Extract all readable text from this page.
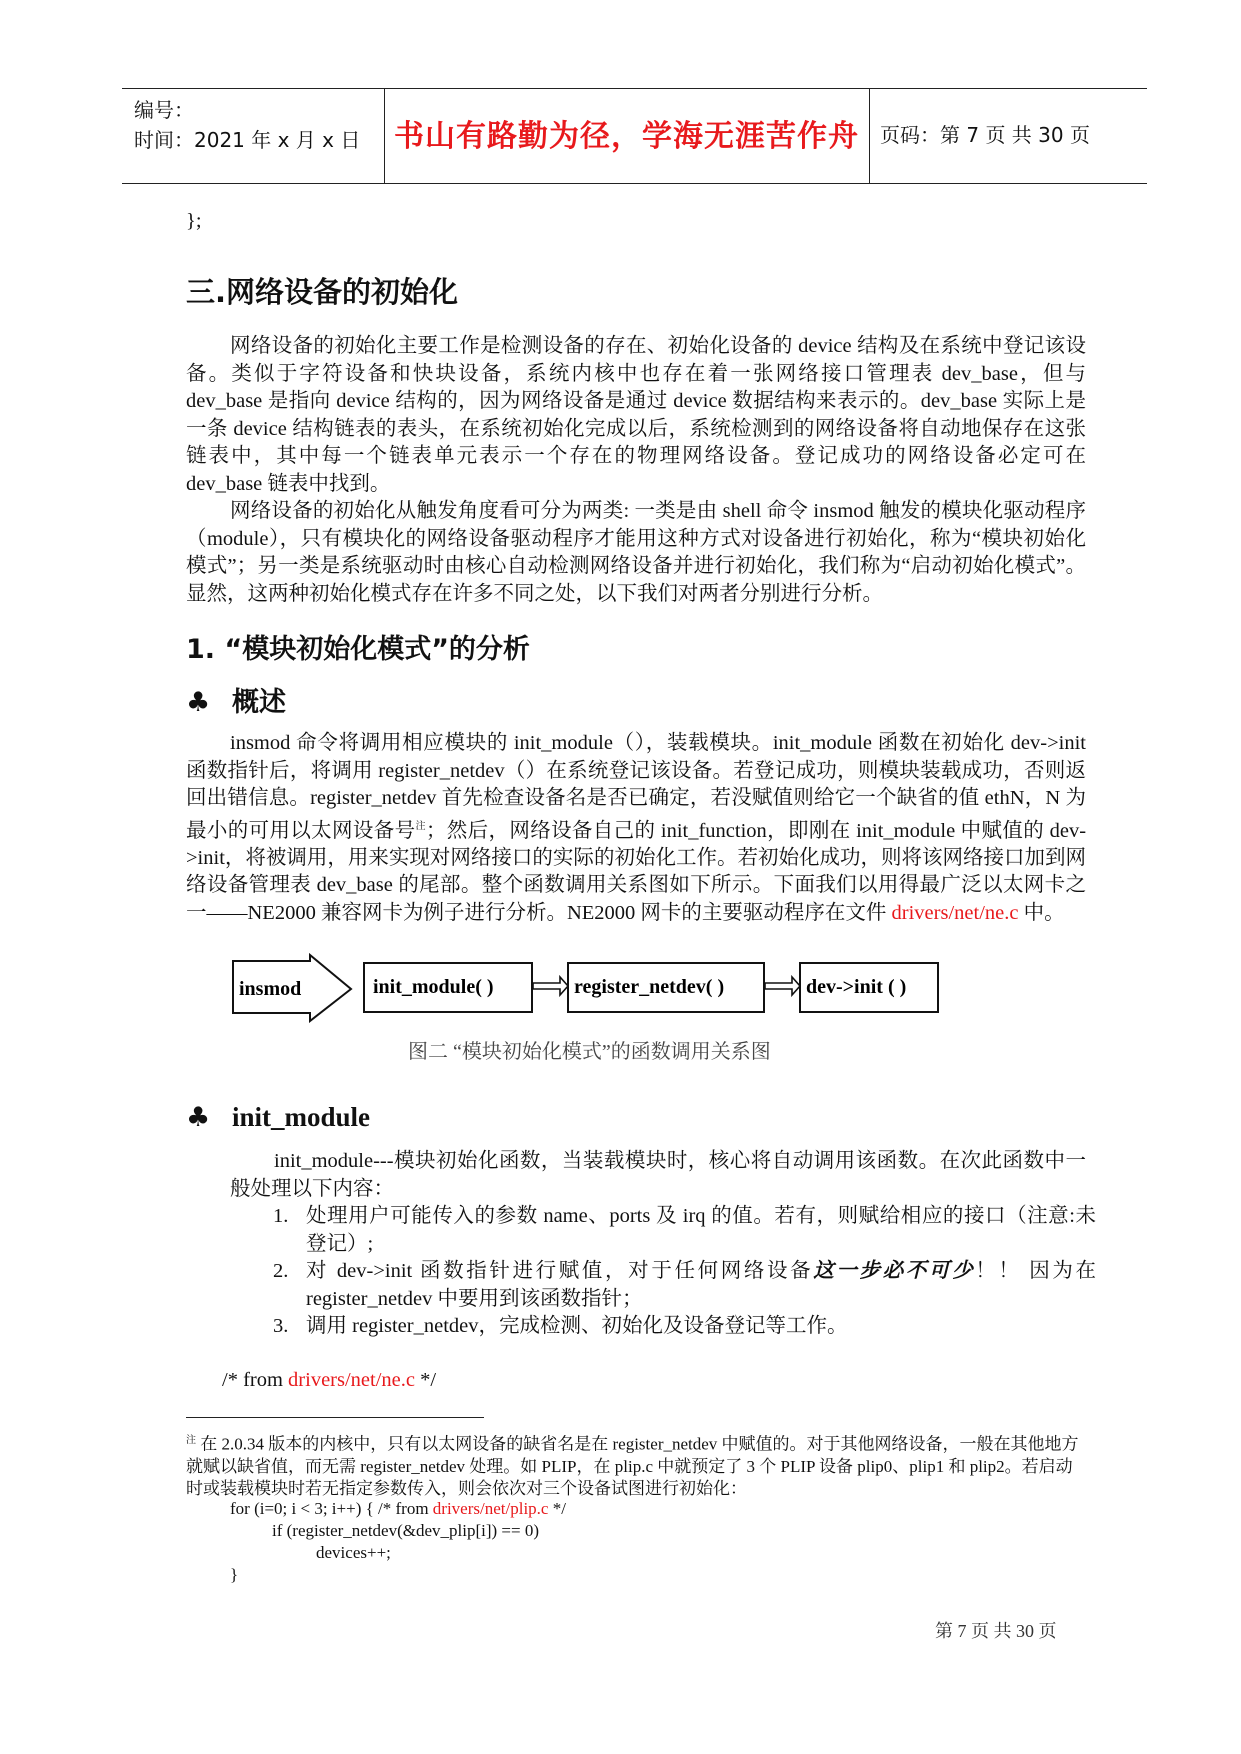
编号：
时间：2021 年 x 月 x 日	书山有路勤为径，学海无涯苦作舟	页码：第 7 页 共 30 页
};
三.网络设备的初始化
网络设备的初始化主要工作是检测设备的存在、初始化设备的 device 结构及在系统中登记该设备。类似于字符设备和快块设备，系统内核中也存在着一张网络接口管理表 dev_base，但与 dev_base 是指向 device 结构的，因为网络设备是通过 device 数据结构来表示的。dev_base 实际上是一条 device 结构链表的表头，在系统初始化完成以后，系统检测到的网络设备将自动地保存在这张链表中，其中每一个链表单元表示一个存在的物理网络设备。登记成功的网络设备必定可在 dev_base 链表中找到。
网络设备的初始化从触发角度看可分为两类: 一类是由 shell 命令 insmod 触发的模块化驱动程序（module），只有模块化的网络设备驱动程序才能用这种方式对设备进行初始化，称为“模块初始化模式”；另一类是系统驱动时由核心自动检测网络设备并进行初始化，我们称为“启动初始化模式”。显然，这两种初始化模式存在许多不同之处，以下我们对两者分别进行分析。
1. “模块初始化模式”的分析
♣ 概述
insmod 命令将调用相应模块的 init_module（），装载模块。init_module 函数在初始化 dev->init 函数指针后，将调用 register_netdev（）在系统登记该设备。若登记成功，则模块装载成功，否则返回出错信息。register_netdev 首先检查设备名是否已确定，若没赋值则给它一个缺省的值 ethN，N 为最小的可用以太网设备号$^注$；然后，网络设备自己的 init_function，即刚在 init_module 中赋值的 dev->init，将被调用，用来实现对网络接口的实际的初始化工作。若初始化成功，则将该网络接口加到网络设备管理表 dev_base 的尾部。整个函数调用关系图如下所示。下面我们以用得最广泛以太网卡之一——NE2000 兼容网卡为例子进行分析。NE2000 网卡的主要驱动程序在文件 drivers/net/ne.c 中。
insmod	init_module( )	register_netdev( )	dev->init ( )
图二 “模块初始化模式”的函数调用关系图
♣ init_module
init_module---模块初始化函数，当装载模块时，核心将自动调用该函数。在次此函数中一般处理以下内容：
1. 处理用户可能传入的参数 name、ports 及 irq 的值。若有，则赋给相应的接口（注意:未登记）;
2. 对 dev->init 函数指针进行赋值，对于任何网络设备这一步必不可少！！ 因为在 register_netdev 中要用到该函数指针；
3. 调用 register_netdev，完成检测、初始化及设备登记等工作。
/* from drivers/net/ne.c */
$^注$ 在 2.0.34 版本的内核中，只有以太网设备的缺省名是在 register_netdev 中赋值的。对于其他网络设备，一般在其他地方就赋以缺省值，而无需 register_netdev 处理。如 PLIP，在 plip.c 中就预定了 3 个 PLIP 设备 plip0、plip1 和 plip2。若启动时或装载模块时若无指定参数传入，则会依次对三个设备试图进行初始化：
for (i=0; i < 3; i++) { /* from drivers/net/plip.c */
if (register_netdev(&dev_plip[i]) == 0)
devices++;
}
第 7 页 共 30 页
